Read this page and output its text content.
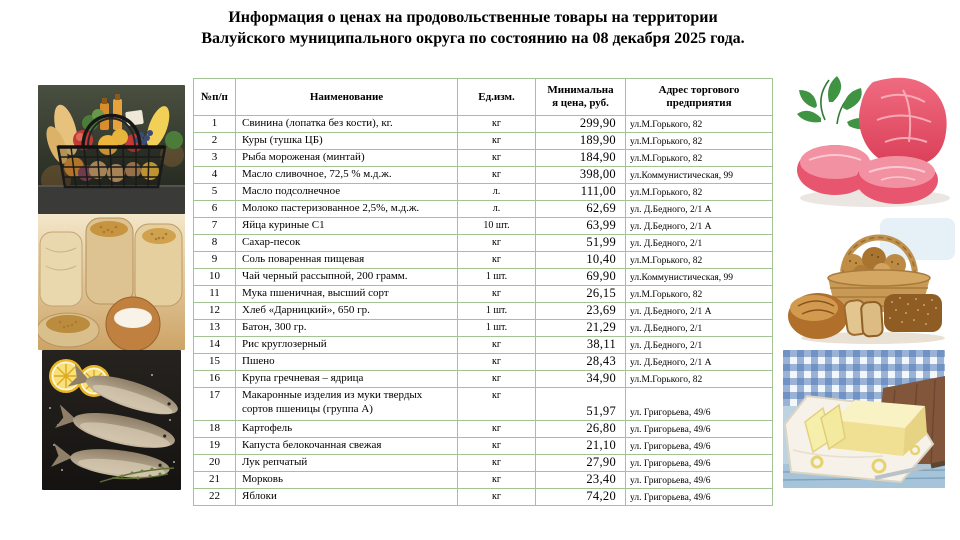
Информация о ценах на продовольственные товары на территории
Валуйского муниципального округа по состоянию на 08 декабря 2025 года.
№п/п	Наименование	Ед.изм.	Минимальна
я цена, руб.	Адрес торгового
предприятия
1	Свинина (лопатка без кости), кг.	кг	299,90	ул.М.Горького, 82
2	Куры (тушка ЦБ)	кг	189,90	ул.М.Горького, 82
3	Рыба мороженая (минтай)	кг	184,90	ул.М.Горького, 82
4	Масло сливочное, 72,5 % м.д.ж.	кг	398,00	ул.Коммунистическая, 99
5	Масло подсолнечное	л.	111,00	ул.М.Горького, 82
6	Молоко пастеризованное 2,5%, м.д.ж.	л.	62,69	ул. Д.Бедного, 2/1 А
7	Яйца куриные С1	10 шт.	63,99	ул. Д.Бедного, 2/1 А
8	Сахар-песок	кг	51,99	ул. Д.Бедного, 2/1
9	Соль поваренная пищевая	кг	10,40	ул.М.Горького, 82
10	Чай черный рассыпной, 200 грамм.	1 шт.	69,90	ул.Коммунистическая, 99
11	Мука пшеничная, высший сорт	кг	26,15	ул.М.Горького, 82
12	Хлеб «Дарницкий», 650 гр.	1 шт.	23,69	ул. Д.Бедного, 2/1 А
13	Батон, 300 гр.	1 шт.	21,29	ул. Д.Бедного, 2/1
14	Рис круглозерный	кг	38,11	ул. Д.Бедного, 2/1
15	Пшено	кг	28,43	ул. Д.Бедного, 2/1 А
16	Крупа гречневая – ядрица	кг	34,90	ул.М.Горького, 82
17	Макаронные изделия из муки твердых сортов пшеницы (группа А)	кг	51,97	ул. Григорьева, 49/6
18	Картофель	кг	26,80	ул. Григорьева, 49/6
19	Капуста белокочанная свежая	кг	21,10	ул. Григорьева, 49/6
20	Лук репчатый	кг	27,90	ул. Григорьева, 49/6
21	Морковь	кг	23,40	ул. Григорьева, 49/6
22	Яблоки	кг	74,20	ул. Григорьева, 49/6
